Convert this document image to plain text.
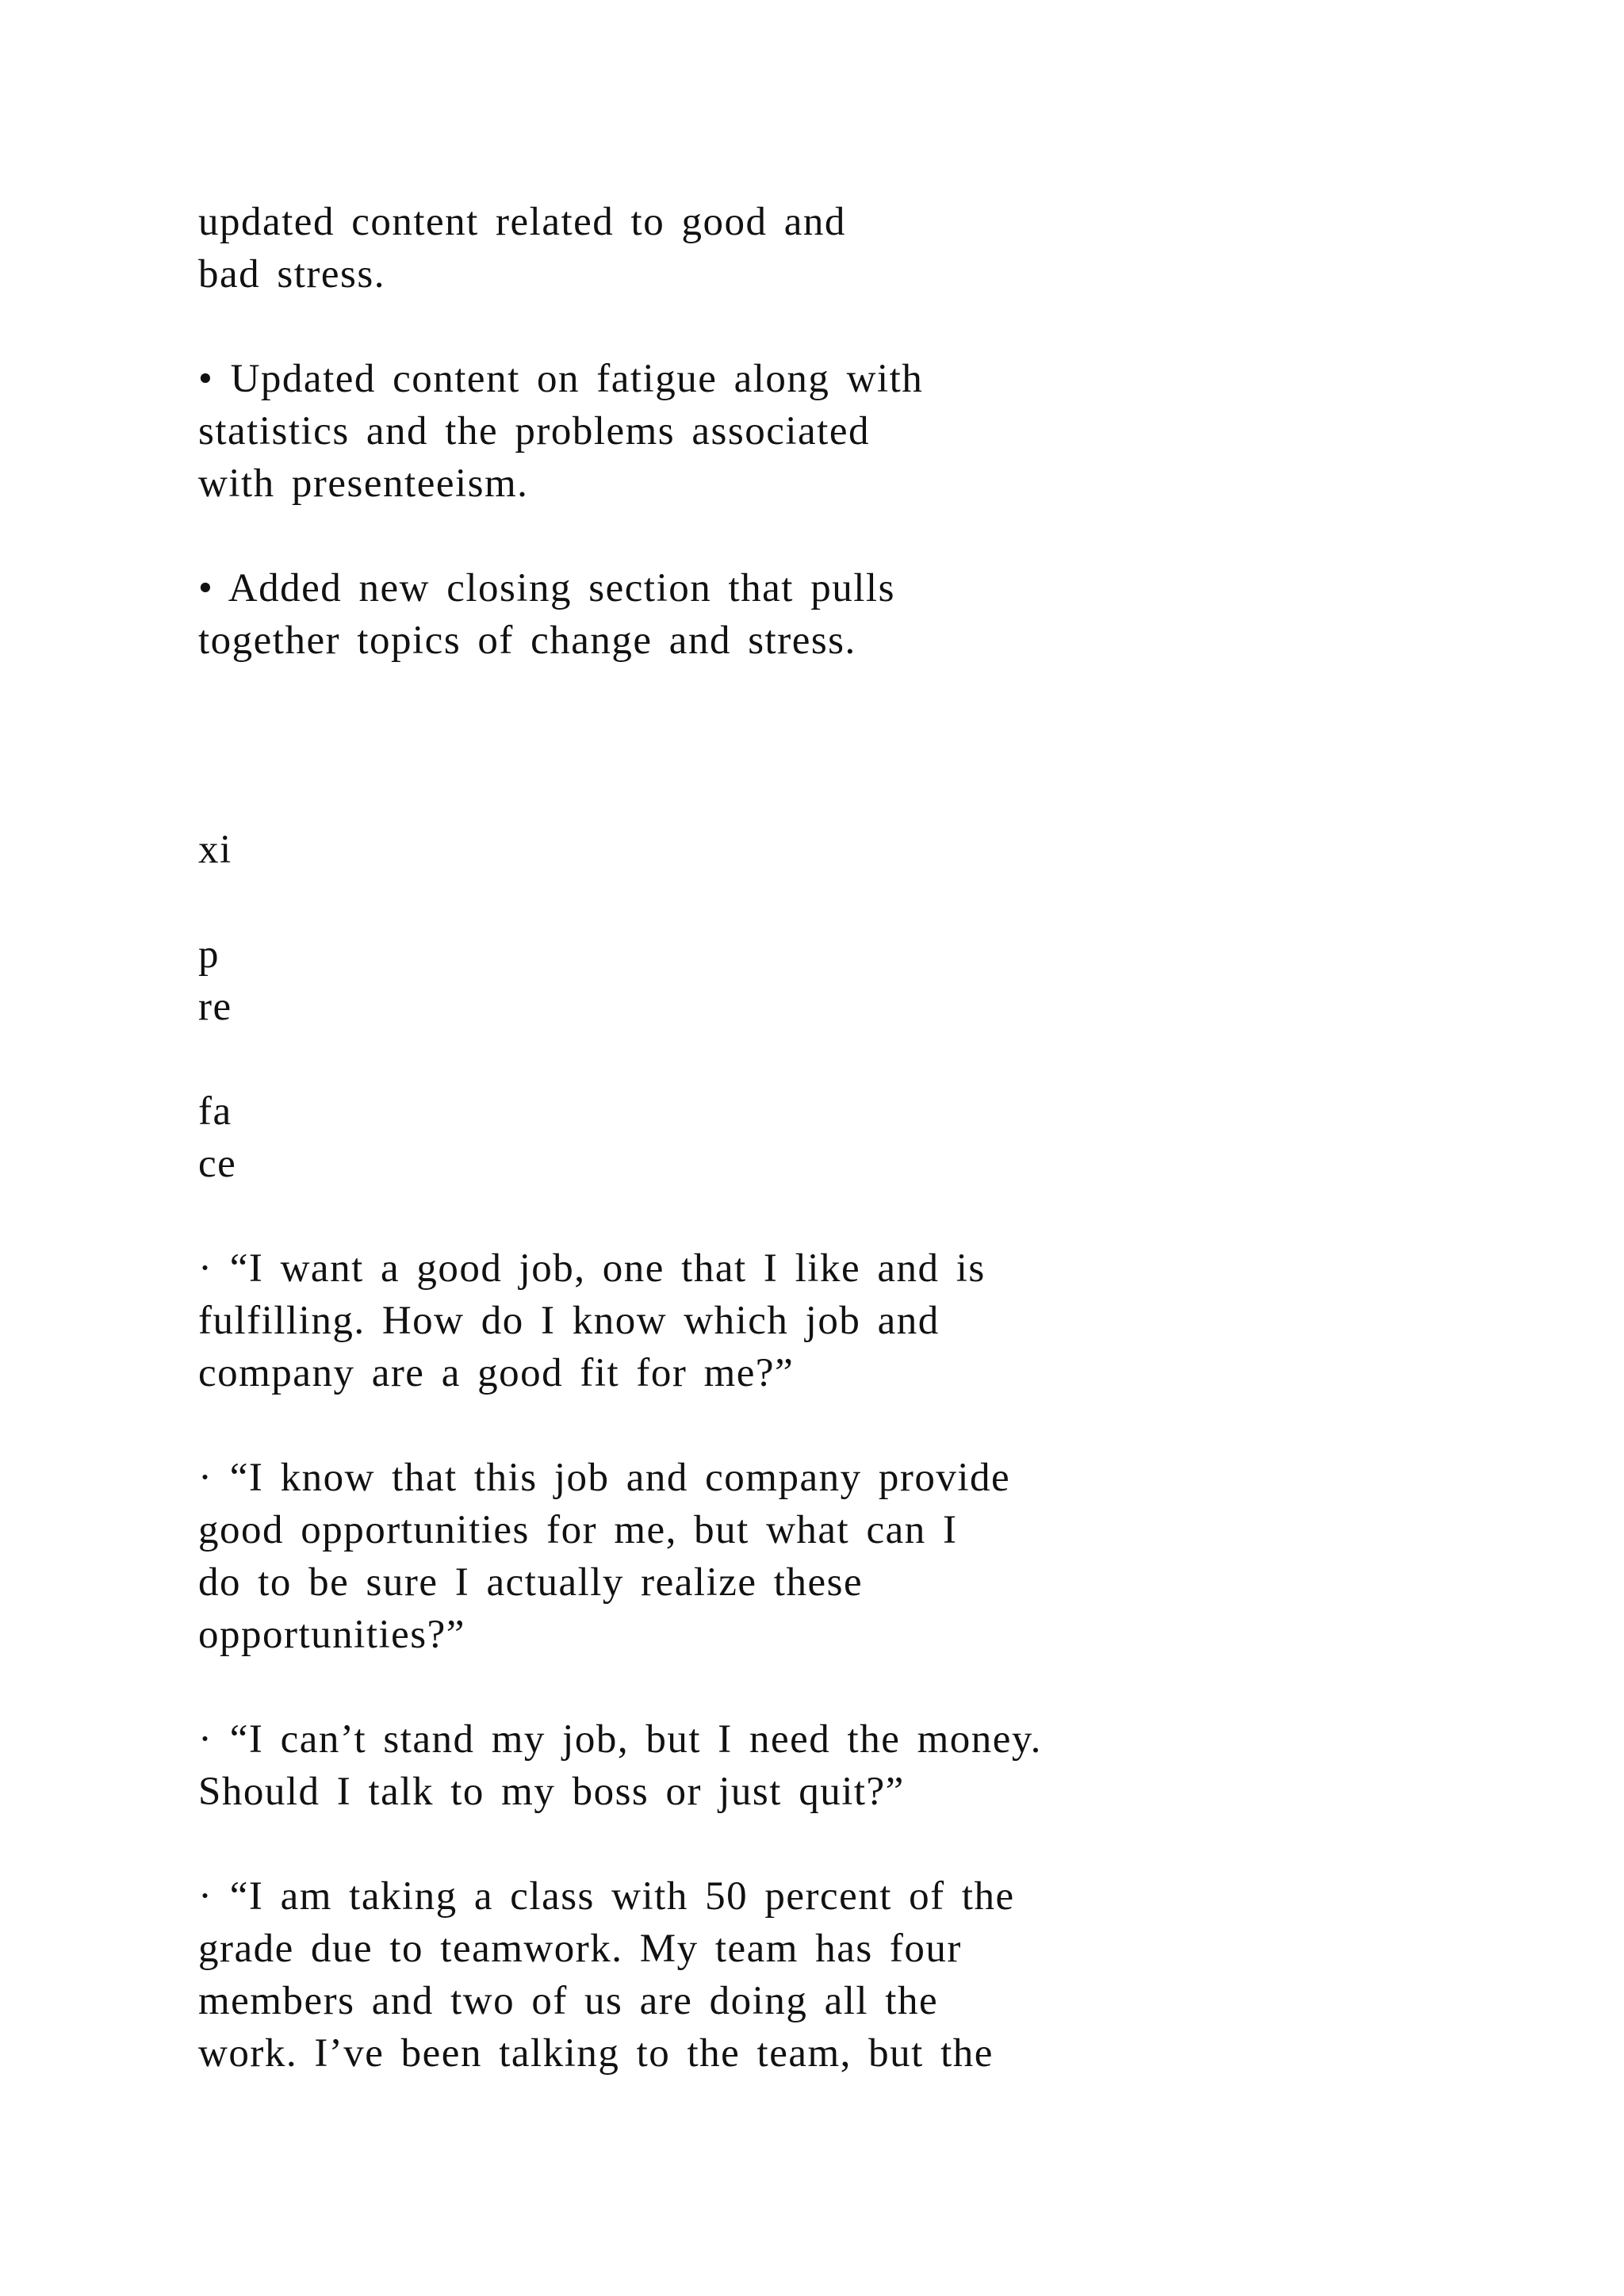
updated content related to good and

bad stress.

• Updated content on fatigue along with

statistics and the problems associated

with presenteeism.

• Added new closing section that pulls

together topics of change and stress.

xi

p

re

fa

ce

· “I want a good job, one that I like and is

fulfilling. How do I know which job and

company are a good fit for me?”

· “I know that this job and company provide

good opportunities for me, but what can I

do to be sure I actually realize these

opportunities?”

· “I can’t stand my job, but I need the money.

Should I talk to my boss or just quit?”

· “I am taking a class with 50 percent of the

grade due to teamwork. My team has four

members and two of us are doing all the

work. I’ve been talking to the team, but the
